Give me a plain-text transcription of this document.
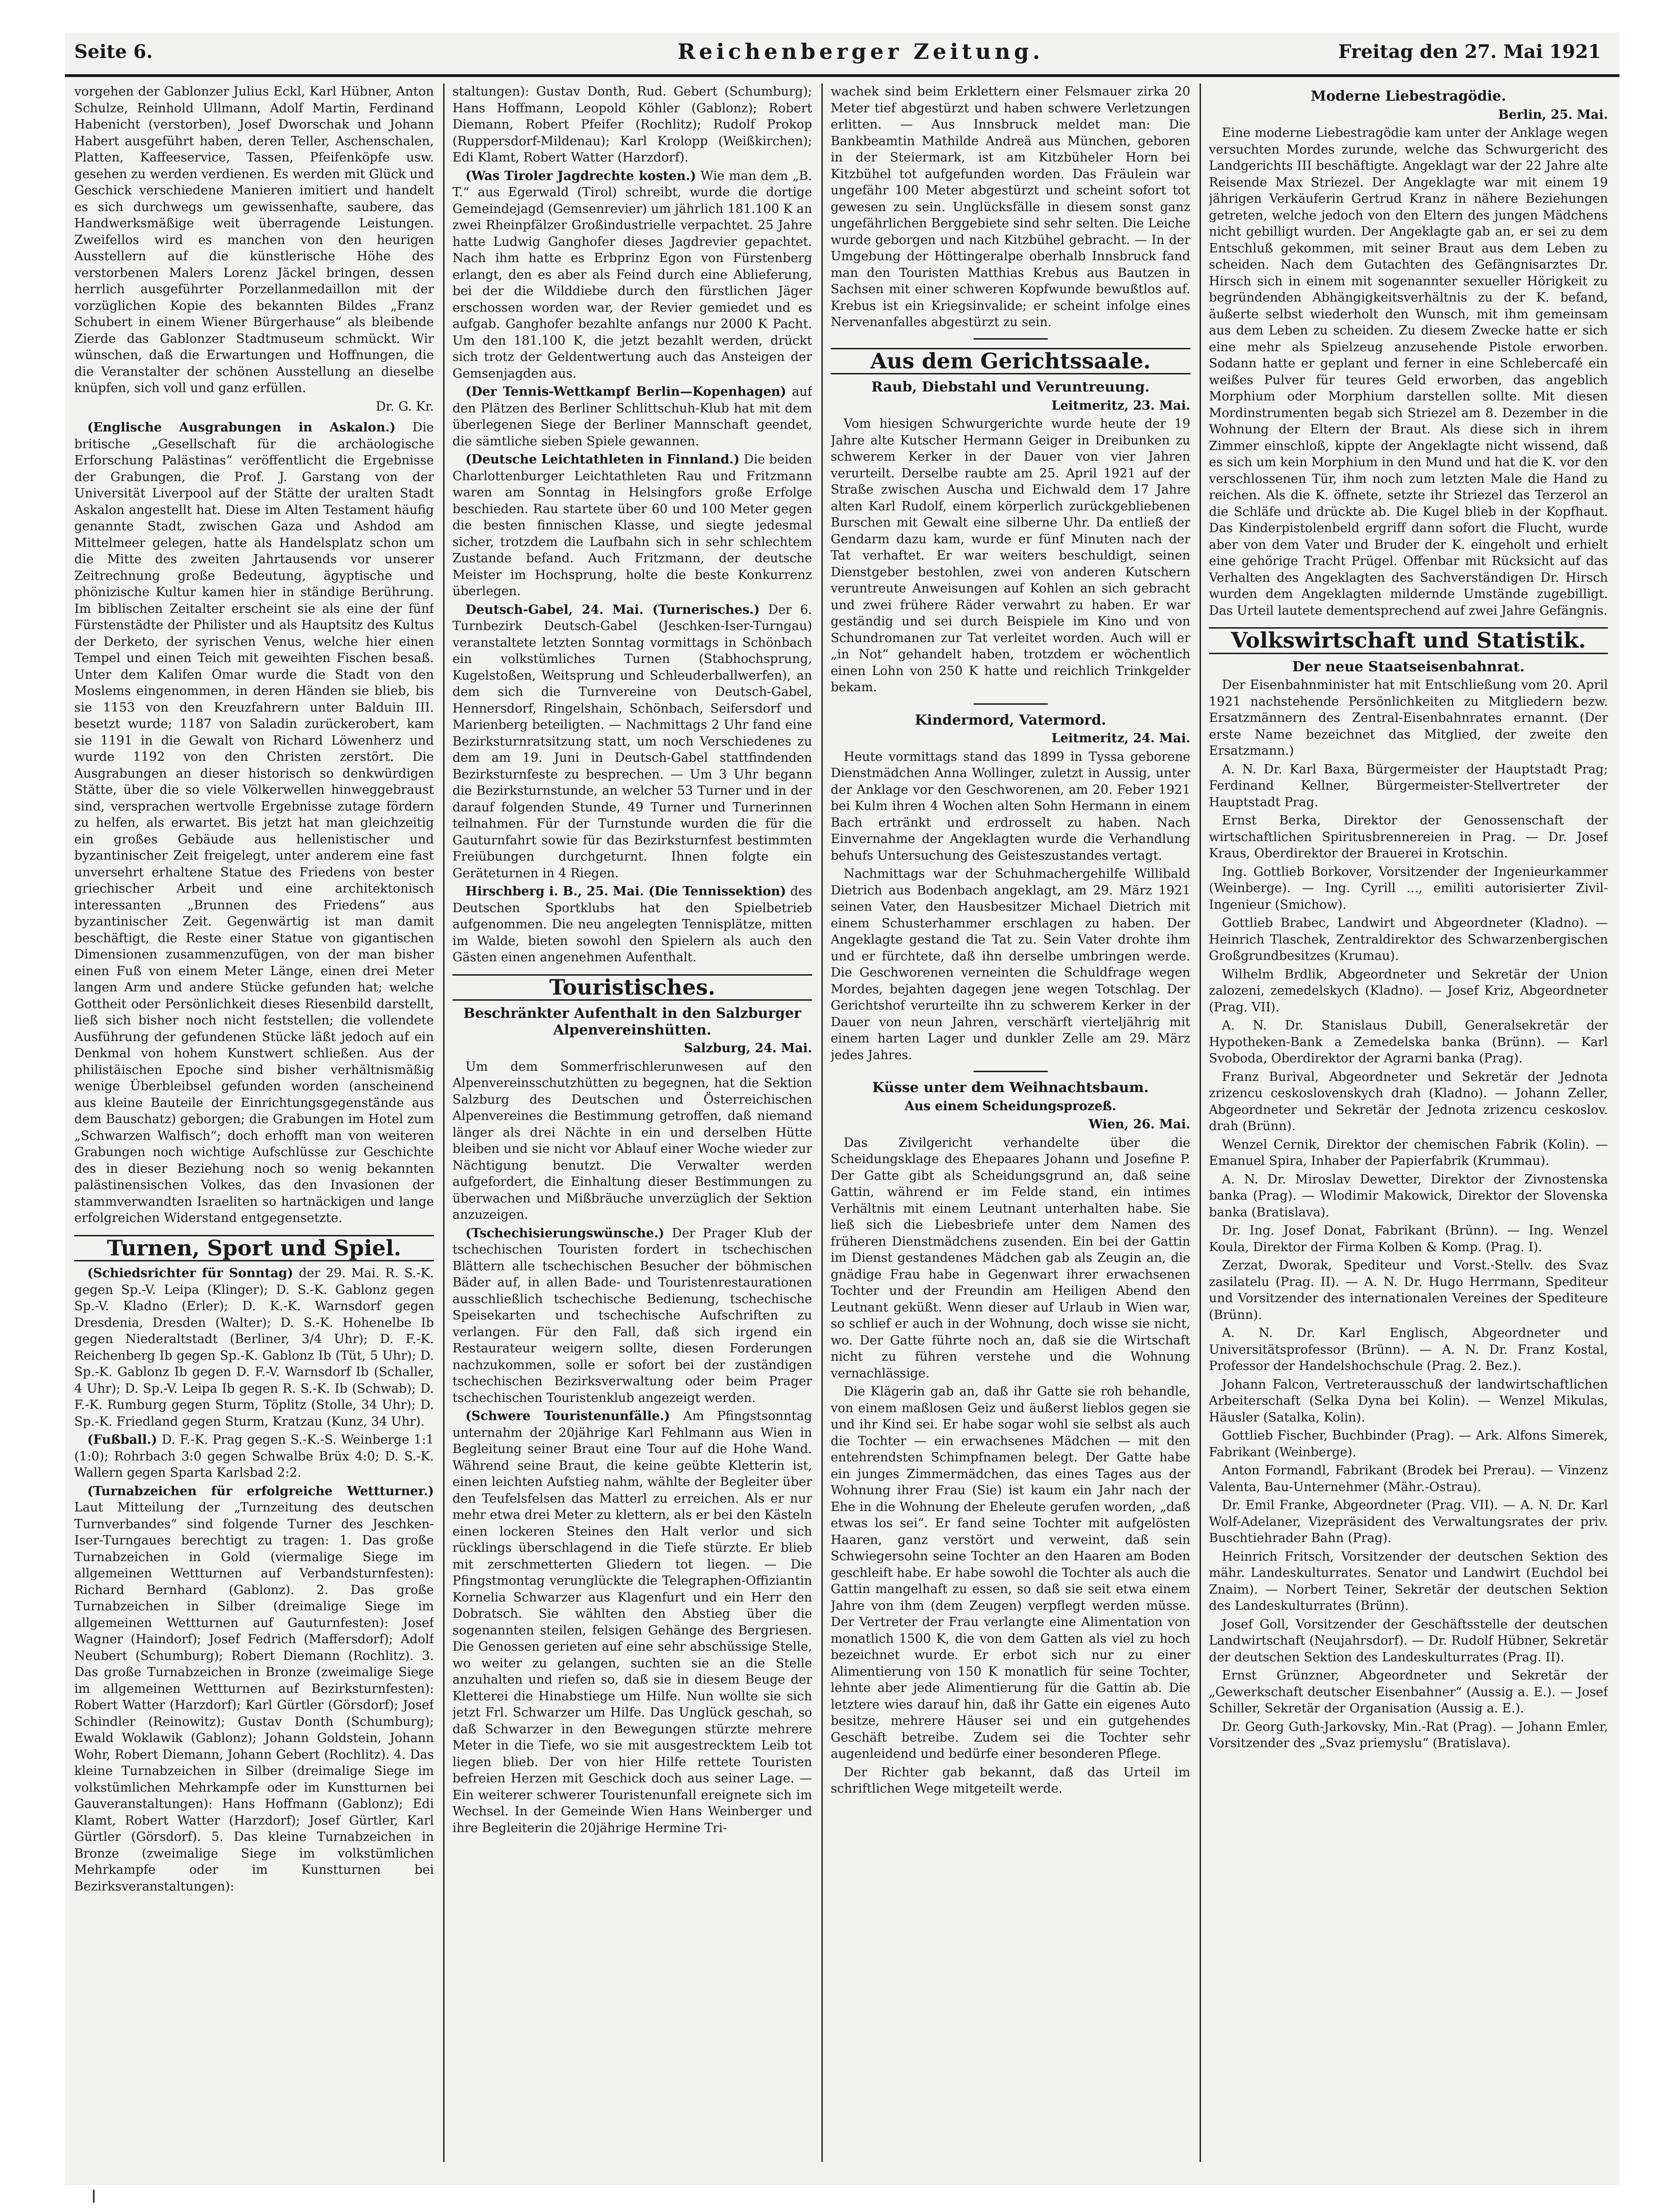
Seite 6.	Reichenberger Zeitung.	Freitag den 27. Mai 1921

vorgehen der Gablonzer Julius Eckl, Karl Hübner, Anton Schulze, Reinhold Ullmann, Adolf Martin, Ferdinand Habenicht (verstorben), Josef Dworschak und Johann Habert ausgeführt haben, deren Teller, Aschenschalen, Platten, Kaffeeservice, Tassen, Pfeifenköpfe usw. gesehen zu werden verdienen. Es werden mit Glück und Geschick verschiedene Manieren imitiert und handelt es sich durchwegs um gewissenhafte, saubere, das Handwerksmäßige weit überragende Leistungen. Zweifellos wird es manchen von den heurigen Ausstellern auf die künstlerische Höhe des verstorbenen Malers Lorenz Jäckel bringen, dessen herrlich ausgeführter Porzellanmedaillon mit der vorzüglichen Kopie des bekannten Bildes „Franz Schubert in einem Wiener Bürgerhause“ als bleibende Zierde das Gablonzer Stadtmuseum schmückt. Wir wünschen, daß die Erwartungen und Hoffnungen, die die Veranstalter der schönen Ausstellung an dieselbe knüpfen, sich voll und ganz erfüllen.

Dr. G. Kr.

(Englische Ausgrabungen in Askalon.) Die britische „Gesellschaft für die archäologische Erforschung Palästinas“ veröffentlicht die Ergebnisse der Grabungen, die Prof. J. Garstang von der Universität Liverpool auf der Stätte der uralten Stadt Askalon angestellt hat. Diese im Alten Testament häufig genannte Stadt, zwischen Gaza und Ashdod am Mittelmeer gelegen, hatte als Handelsplatz schon um die Mitte des zweiten Jahrtausends vor unserer Zeitrechnung große Bedeutung, ägyptische und phönizische Kultur kamen hier in ständige Berührung. Im biblischen Zeitalter erscheint sie als eine der fünf Fürstenstädte der Philister und als Hauptsitz des Kultus der Derketo, der syrischen Venus, welche hier einen Tempel und einen Teich mit geweihten Fischen besaß. Unter dem Kalifen Omar wurde die Stadt von den Moslems eingenommen, in deren Händen sie blieb, bis sie 1153 von den Kreuzfahrern unter Balduin III. besetzt wurde; 1187 von Saladin zurückerobert, kam sie 1191 in die Gewalt von Richard Löwenherz und wurde 1192 von den Christen zerstört. Die Ausgrabungen an dieser historisch so denkwürdigen Stätte, über die so viele Völkerwellen hinweggebraust sind, versprachen wertvolle Ergebnisse zutage fördern zu helfen, als erwartet. Bis jetzt hat man gleichzeitig ein großes Gebäude aus hellenistischer und byzantinischer Zeit freigelegt, unter anderem eine fast unversehrt erhaltene Statue des Friedens von bester griechischer Arbeit und eine architektonisch interessanten „Brunnen des Friedens“ aus byzantinischer Zeit. Gegenwärtig ist man damit beschäftigt, die Reste einer Statue von gigantischen Dimensionen zusammenzufügen, von der man bisher einen Fuß von einem Meter Länge, einen drei Meter langen Arm und andere Stücke gefunden hat; welche Gottheit oder Persönlichkeit dieses Riesenbild darstellt, ließ sich bisher noch nicht feststellen; die vollendete Ausführung der gefundenen Stücke läßt jedoch auf ein Denkmal von hohem Kunstwert schließen. Aus der philistäischen Epoche sind bisher verhältnismäßig wenige Überbleibsel gefunden worden (anscheinend aus kleine Bauteile der Einrichtungsgegenstände aus dem Bauschatz) geborgen; die Grabungen im Hotel zum „Schwarzen Walfisch“; doch erhofft man von weiteren Grabungen noch wichtige Aufschlüsse zur Geschichte des in dieser Beziehung noch so wenig bekannten palästinensischen Volkes, das den Invasionen der stammverwandten Israeliten so hartnäckigen und lange erfolgreichen Widerstand entgegensetzte.

Turnen, Sport und Spiel.

(Schiedsrichter für Sonntag) der 29. Mai. R. S.-K. gegen Sp.-V. Leipa (Klinger); D. S.-K. Gablonz gegen Sp.-V. Kladno (Erler); D. K.-K. Warnsdorf gegen Dresdenia, Dresden (Walter); D. S.-K. Hohenelbe Ib gegen Niederaltstadt (Berliner, 3/4 Uhr); D. F.-K. Reichenberg Ib gegen Sp.-K. Gablonz Ib (Tüt, 5 Uhr); D. Sp.-K. Gablonz Ib gegen D. F.-V. Warnsdorf Ib (Schaller, 4 Uhr); D. Sp.-V. Leipa Ib gegen R. S.-K. Ib (Schwab); D. F.-K. Rumburg gegen Sturm, Töplitz (Stolle, 34 Uhr); D. Sp.-K. Friedland gegen Sturm, Kratzau (Kunz, 34 Uhr).

(Fußball.) D. F.-K. Prag gegen S.-K.-S. Weinberge 1:1 (1:0); Rohrbach 3:0 gegen Schwalbe Brüx 4:0; D. S.-K. Wallern gegen Sparta Karlsbad 2:2.

(Turnabzeichen für erfolgreiche Wettturner.) Laut Mitteilung der „Turnzeitung des deutschen Turnverbandes“ sind folgende Turner des Jeschken-Iser-Turngaues berechtigt zu tragen: 1. Das große Turnabzeichen in Gold (viermalige Siege im allgemeinen Wettturnen auf Verbandsturnfesten): Richard Bernhard (Gablonz). 2. Das große Turnabzeichen in Silber (dreimalige Siege im allgemeinen Wettturnen auf Gauturnfesten): Josef Wagner (Haindorf); Josef Fedrich (Maffersdorf); Adolf Neubert (Schumburg); Robert Diemann (Rochlitz). 3. Das große Turnabzeichen in Bronze (zweimalige Siege im allgemeinen Wettturnen auf Bezirksturnfesten): Robert Watter (Harzdorf); Karl Gürtler (Görsdorf); Josef Schindler (Reinowitz); Gustav Donth (Schumburg); Ewald Woklawik (Gablonz); Johann Goldstein, Johann Wohr, Robert Diemann, Johann Gebert (Rochlitz). 4. Das kleine Turnabzeichen in Silber (dreimalige Siege im volkstümlichen Mehrkampfe oder im Kunstturnen bei Gauveranstaltungen): Hans Hoffmann (Gablonz); Edi Klamt, Robert Watter (Harzdorf); Josef Gürtler, Karl Gürtler (Görsdorf). 5. Das kleine Turnabzeichen in Bronze (zweimalige Siege im volkstümlichen Mehrkampfe oder im Kunstturnen bei Bezirksveranstaltungen):

staltungen): Gustav Donth, Rud. Gebert (Schumburg); Hans Hoffmann, Leopold Köhler (Gablonz); Robert Diemann, Robert Pfeifer (Rochlitz); Rudolf Prokop (Ruppersdorf-Mildenau); Karl Krolopp (Weißkirchen); Edi Klamt, Robert Watter (Harzdorf).

(Was Tiroler Jagdrechte kosten.) Wie man dem „B. T.“ aus Egerwald (Tirol) schreibt, wurde die dortige Gemeindejagd (Gemsenrevier) um jährlich 181.100 K an zwei Rheinpfälzer Großindustrielle verpachtet. 25 Jahre hatte Ludwig Ganghofer dieses Jagdrevier gepachtet. Nach ihm hatte es Erbprinz Egon von Fürstenberg erlangt, den es aber als Feind durch eine Ablieferung, bei der die Wilddiebe durch den fürstlichen Jäger erschossen worden war, der Revier gemiedet und es aufgab. Ganghofer bezahlte anfangs nur 2000 K Pacht. Um den 181.100 K, die jetzt bezahlt werden, drückt sich trotz der Geldentwertung auch das Ansteigen der Gemsenjagden aus.

(Der Tennis-Wettkampf Berlin—Kopenhagen) auf den Plätzen des Berliner Schlittschuh-Klub hat mit dem überlegenen Siege der Berliner Mannschaft geendet, die sämtliche sieben Spiele gewannen.

(Deutsche Leichtathleten in Finnland.) Die beiden Charlottenburger Leichtathleten Rau und Fritzmann waren am Sonntag in Helsingfors große Erfolge beschieden. Rau startete über 60 und 100 Meter gegen die besten finnischen Klasse, und siegte jedesmal sicher, trotzdem die Laufbahn sich in sehr schlechtem Zustande befand. Auch Fritzmann, der deutsche Meister im Hochsprung, holte die beste Konkurrenz überlegen.

Deutsch-Gabel, 24. Mai. (Turnerisches.) Der 6. Turnbezirk Deutsch-Gabel (Jeschken-Iser-Turngau) veranstaltete letzten Sonntag vormittags in Schönbach ein volkstümliches Turnen (Stabhochsprung, Kugelstoßen, Weitsprung und Schleuderballwerfen), an dem sich die Turnvereine von Deutsch-Gabel, Hennersdorf, Ringelshain, Schönbach, Seifersdorf und Marienberg beteiligten. — Nachmittags 2 Uhr fand eine Bezirksturnratsitzung statt, um noch Verschiedenes zu dem am 19. Juni in Deutsch-Gabel stattfindenden Bezirksturnfeste zu besprechen. — Um 3 Uhr begann die Bezirksturnstunde, an welcher 53 Turner und in der darauf folgenden Stunde, 49 Turner und Turnerinnen teilnahmen. Für der Turnstunde wurden die für die Gauturnfahrt sowie für das Bezirksturnfest bestimmten Freiübungen durchgeturnt. Ihnen folgte ein Geräteturnen in 4 Riegen.

Hirschberg i. B., 25. Mai. (Die Tennissektion) des Deutschen Sportklubs hat den Spielbetrieb aufgenommen. Die neu angelegten Tennisplätze, mitten im Walde, bieten sowohl den Spielern als auch den Gästen einen angenehmen Aufenthalt.

Touristisches.
Beschränkter Aufenthalt in den Salzburger Alpenvereinshütten.
Salzburg, 24. Mai.

Um dem Sommerfrischlerunwesen auf den Alpenvereinsschutzhütten zu begegnen, hat die Sektion Salzburg des Deutschen und Österreichischen Alpenvereines die Bestimmung getroffen, daß niemand länger als drei Nächte in ein und derselben Hütte bleiben und sie nicht vor Ablauf einer Woche wieder zur Nächtigung benutzt. Die Verwalter werden aufgefordert, die Einhaltung dieser Bestimmungen zu überwachen und Mißbräuche unverzüglich der Sektion anzuzeigen.

(Tschechisierungswünsche.) Der Prager Klub der tschechischen Touristen fordert in tschechischen Blättern alle tschechischen Besucher der böhmischen Bäder auf, in allen Bade- und Touristenrestaurationen ausschließlich tschechische Bedienung, tschechische Speisekarten und tschechische Aufschriften zu verlangen. Für den Fall, daß sich irgend ein Restaurateur weigern sollte, diesen Forderungen nachzukommen, solle er sofort bei der zuständigen tschechischen Bezirksverwaltung oder beim Prager tschechischen Touristenklub angezeigt werden.

(Schwere Touristenunfälle.) Am Pfingstsonntag unternahm der 20jährige Karl Fehlmann aus Wien in Begleitung seiner Braut eine Tour auf die Hohe Wand. Während seine Braut, die keine geübte Kletterin ist, einen leichten Aufstieg nahm, wählte der Begleiter über den Teufelsfelsen das Matterl zu erreichen. Als er nur mehr etwa drei Meter zu klettern, als er bei den Kästeln einen lockeren Steines den Halt verlor und sich rücklings überschlagend in die Tiefe stürzte. Er blieb mit zerschmetterten Gliedern tot liegen. — Die Pfingstmontag verunglückte die Telegraphen-Offiziantin Kornelia Schwarzer aus Klagenfurt und ein Herr den Dobratsch. Sie wählten den Abstieg über die sogenannten steilen, felsigen Gehänge des Bergriesen. Die Genossen gerieten auf eine sehr abschüssige Stelle, wo weiter zu gelangen, suchten sie an die Stelle anzuhalten und riefen so, daß sie in diesem Beuge der Kletterei die Hinabstiege um Hilfe. Nun wollte sie sich jetzt Frl. Schwarzer um Hilfe. Das Unglück geschah, so daß Schwarzer in den Bewegungen stürzte mehrere Meter in die Tiefe, wo sie mit ausgestrecktem Leib tot liegen blieb. Der von hier Hilfe rettete Touristen befreien Herzen mit Geschick doch aus seiner Lage. — Ein weiterer schwerer Touristenunfall ereignete sich im Wechsel. In der Gemeinde Wien Hans Weinberger und ihre Begleiterin die 20jährige Hermine Tri-

wachek sind beim Erklettern einer Felsmauer zirka 20 Meter tief abgestürzt und haben schwere Verletzungen erlitten. — Aus Innsbruck meldet man: Die Bankbeamtin Mathilde Andreä aus München, geboren in der Steiermark, ist am Kitzbüheler Horn bei Kitzbühel tot aufgefunden worden. Das Fräulein war ungefähr 100 Meter abgestürzt und scheint sofort tot gewesen zu sein. Unglücksfälle in diesem sonst ganz ungefährlichen Berggebiete sind sehr selten. Die Leiche wurde geborgen und nach Kitzbühel gebracht. — In der Umgebung der Höttingeralpe oberhalb Innsbruck fand man den Touristen Matthias Krebus aus Bautzen in Sachsen mit einer schweren Kopfwunde bewußtlos auf. Krebus ist ein Kriegsinvalide; er scheint infolge eines Nervenanfalles abgestürzt zu sein.

Aus dem Gerichtssaale.
Raub, Diebstahl und Veruntreuung.
Leitmeritz, 23. Mai.

Vom hiesigen Schwurgerichte wurde heute der 19 Jahre alte Kutscher Hermann Geiger in Dreibunken zu schwerem Kerker in der Dauer von vier Jahren verurteilt. Derselbe raubte am 25. April 1921 auf der Straße zwischen Auscha und Eichwald dem 17 Jahre alten Karl Rudolf, einem körperlich zurückgebliebenen Burschen mit Gewalt eine silberne Uhr. Da entließ der Gendarm dazu kam, wurde er fünf Minuten nach der Tat verhaftet. Er war weiters beschuldigt, seinen Dienstgeber bestohlen, zwei von anderen Kutschern veruntreute Anweisungen auf Kohlen an sich gebracht und zwei frühere Räder verwahrt zu haben. Er war geständig und sei durch Beispiele im Kino und von Schundromanen zur Tat verleitet worden. Auch will er „in Not“ gehandelt haben, trotzdem er wöchentlich einen Lohn von 250 K hatte und reichlich Trinkgelder bekam.

Kindermord, Vatermord.
Leitmeritz, 24. Mai.

Heute vormittags stand das 1899 in Tyssa geborene Dienstmädchen Anna Wollinger, zuletzt in Aussig, unter der Anklage vor den Geschworenen, am 20. Feber 1921 bei Kulm ihren 4 Wochen alten Sohn Hermann in einem Bach ertränkt und erdrosselt zu haben. Nach Einvernahme der Angeklagten wurde die Verhandlung behufs Untersuchung des Geisteszustandes vertagt.

Nachmittags war der Schuhmachergehilfe Willibald Dietrich aus Bodenbach angeklagt, am 29. März 1921 seinen Vater, den Hausbesitzer Michael Dietrich mit einem Schusterhammer erschlagen zu haben. Der Angeklagte gestand die Tat zu. Sein Vater drohte ihm und er fürchtete, daß ihn derselbe umbringen werde. Die Geschworenen verneinten die Schuldfrage wegen Mordes, bejahten dagegen jene wegen Totschlag. Der Gerichtshof verurteilte ihn zu schwerem Kerker in der Dauer von neun Jahren, verschärft vierteljährig mit einem harten Lager und dunkler Zelle am 29. März jedes Jahres.

Küsse unter dem Weihnachtsbaum.
Aus einem Scheidungsprozeß.
Wien, 26. Mai.

Das Zivilgericht verhandelte über die Scheidungsklage des Ehepaares Johann und Josefine P. Der Gatte gibt als Scheidungsgrund an, daß seine Gattin, während er im Felde stand, ein intimes Verhältnis mit einem Leutnant unterhalten habe. Sie ließ sich die Liebesbriefe unter dem Namen des früheren Dienstmädchens zusenden. Ein bei der Gattin im Dienst gestandenes Mädchen gab als Zeugin an, die gnädige Frau habe in Gegenwart ihrer erwachsenen Tochter und der Freundin am Heiligen Abend den Leutnant geküßt. Wenn dieser auf Urlaub in Wien war, so schlief er auch in der Wohnung, doch wisse sie nicht, wo. Der Gatte führte noch an, daß sie die Wirtschaft nicht zu führen verstehe und die Wohnung vernachlässige.

Die Klägerin gab an, daß ihr Gatte sie roh behandle, von einem maßlosen Geiz und äußerst lieblos gegen sie und ihr Kind sei. Er habe sogar wohl sie selbst als auch die Tochter — ein erwachsenes Mädchen — mit den entehrendsten Schimpfnamen belegt. Der Gatte habe ein junges Zimmermädchen, das eines Tages aus der Wohnung ihrer Frau (Sie) ist kaum ein Jahr nach der Ehe in die Wohnung der Eheleute gerufen worden, „daß etwas los sei“. Er fand seine Tochter mit aufgelösten Haaren, ganz verstört und verweint, daß sein Schwiegersohn seine Tochter an den Haaren am Boden geschleift habe. Er habe sowohl die Tochter als auch die Gattin mangelhaft zu essen, so daß sie seit etwa einem Jahre von ihm (dem Zeugen) verpflegt werden müsse. Der Vertreter der Frau verlangte eine Alimentation von monatlich 1500 K, die von dem Gatten als viel zu hoch bezeichnet wurde. Er erbot sich nur zu einer Alimentierung von 150 K monatlich für seine Tochter, lehnte aber jede Alimentierung für die Gattin ab. Die letztere wies darauf hin, daß ihr Gatte ein eigenes Auto besitze, mehrere Häuser sei und ein gutgehendes Geschäft betreibe. Zudem sei die Tochter sehr augenleidend und bedürfe einer besonderen Pflege.

Der Richter gab bekannt, daß das Urteil im schriftlichen Wege mitgeteilt werde.

Moderne Liebestragödie.
Berlin, 25. Mai.

Eine moderne Liebestragödie kam unter der Anklage wegen versuchten Mordes zurunde, welche das Schwurgericht des Landgerichts III beschäftigte. Angeklagt war der 22 Jahre alte Reisende Max Striezel. Der Angeklagte war mit einem 19 jährigen Verkäuferin Gertrud Kranz in nähere Beziehungen getreten, welche jedoch von den Eltern des jungen Mädchens nicht gebilligt wurden. Der Angeklagte gab an, er sei zu dem Entschluß gekommen, mit seiner Braut aus dem Leben zu scheiden. Nach dem Gutachten des Gefängnisarztes Dr. Hirsch sich in einem mit sogenannter sexueller Hörigkeit zu begründenden Abhängigkeitsverhältnis zu der K. befand, äußerte selbst wiederholt den Wunsch, mit ihm gemeinsam aus dem Leben zu scheiden. Zu diesem Zwecke hatte er sich eine mehr als Spielzeug anzusehende Pistole erworben. Sodann hatte er geplant und ferner in eine Schlebercafé ein weißes Pulver für teures Geld erworben, das angeblich Morphium oder Morphium darstellen sollte. Mit diesen Mordinstrumenten begab sich Striezel am 8. Dezember in die Wohnung der Eltern der Braut. Als diese sich in ihrem Zimmer einschloß, kippte der Angeklagte nicht wissend, daß es sich um kein Morphium in den Mund und hat die K. vor den verschlossenen Tür, ihm noch zum letzten Male die Hand zu reichen. Als die K. öffnete, setzte ihr Striezel das Terzerol an die Schläfe und drückte ab. Die Kugel blieb in der Kopfhaut. Das Kinderpistolenbeld ergriff dann sofort die Flucht, wurde aber von dem Vater und Bruder der K. eingeholt und erhielt eine gehörige Tracht Prügel. Offenbar mit Rücksicht auf das Verhalten des Angeklagten des Sachverständigen Dr. Hirsch wurden dem Angeklagten mildernde Umstände zugebilligt. Das Urteil lautete dementsprechend auf zwei Jahre Gefängnis.

Volkswirtschaft und Statistik.
Der neue Staatseisenbahnrat.

Der Eisenbahnminister hat mit Entschließung vom 20. April 1921 nachstehende Persönlichkeiten zu Mitgliedern bezw. Ersatzmännern des Zentral-Eisenbahnrates ernannt. (Der erste Name bezeichnet das Mitglied, der zweite den Ersatzmann.)

A. N. Dr. Karl Baxa, Bürgermeister der Hauptstadt Prag; Ferdinand Kellner, Bürgermeister-Stellvertreter der Hauptstadt Prag.

Ernst Berka, Direktor der Genossenschaft der wirtschaftlichen Spiritusbrennereien in Prag. — Dr. Josef Kraus, Oberdirektor der Brauerei in Krotschin.

Ing. Gottlieb Borkover, Vorsitzender der Ingenieurkammer (Weinberge). — Ing. Cyrill ..., emiliti autorisierter Zivil-Ingenieur (Smichow).

Gottlieb Brabec, Landwirt und Abgeordneter (Kladno). — Heinrich Tlaschek, Zentraldirektor des Schwarzenbergischen Großgrundbesitzes (Krumau).

Wilhelm Brdlik, Abgeordneter und Sekretär der Union zalozeni, zemedelskych (Kladno). — Josef Kriz, Abgeordneter (Prag. VII).

A. N. Dr. Stanislaus Dubill, Generalsekretär der Hypotheken-Bank a Zemedelska banka (Brünn). — Karl Svoboda, Oberdirektor der Agrarni banka (Prag).

Franz Burival, Abgeordneter und Sekretär der Jednota zrizencu ceskoslovenskych drah (Kladno). — Johann Zeller, Abgeordneter und Sekretär der Jednota zrizencu ceskoslov. drah (Brünn).

Wenzel Cernik, Direktor der chemischen Fabrik (Kolin). — Emanuel Spira, Inhaber der Papierfabrik (Krummau).

A. N. Dr. Miroslav Dewetter, Direktor der Zivnostenska banka (Prag). — Wlodimir Makowick, Direktor der Slovenska banka (Bratislava).

Dr. Ing. Josef Donat, Fabrikant (Brünn). — Ing. Wenzel Koula, Direktor der Firma Kolben & Komp. (Prag. I).

Zerzat, Dworak, Spediteur und Vorst.-Stellv. des Svaz zasilatelu (Prag. II). — A. N. Dr. Hugo Herrmann, Spediteur und Vorsitzender des internationalen Vereines der Spediteure (Brünn).

A. N. Dr. Karl Englisch, Abgeordneter und Universitätsprofessor (Brünn). — A. N. Dr. Franz Kostal, Professor der Handelshochschule (Prag. 2. Bez.).

Johann Falcon, Vertreterausschuß der landwirtschaftlichen Arbeiterschaft (Selka Dyna bei Kolin). — Wenzel Mikulas, Häusler (Satalka, Kolin).

Gottlieb Fischer, Buchbinder (Prag). — Ark. Alfons Simerek, Fabrikant (Weinberge).

Anton Formandl, Fabrikant (Brodek bei Prerau). — Vinzenz Valenta, Bau-Unternehmer (Mähr.-Ostrau).

Dr. Emil Franke, Abgeordneter (Prag. VII). — A. N. Dr. Karl Wolf-Adelaner, Vizepräsident des Verwaltungsrates der priv. Buschtiehrader Bahn (Prag).

Heinrich Fritsch, Vorsitzender der deutschen Sektion des mähr. Landeskulturrates. Senator und Landwirt (Euchdol bei Znaim). — Norbert Teiner, Sekretär der deutschen Sektion des Landeskulturrates (Brünn).

Josef Goll, Vorsitzender der Geschäftsstelle der deutschen Landwirtschaft (Neujahrsdorf). — Dr. Rudolf Hübner, Sekretär der deutschen Sektion des Landeskulturrates (Prag. II).

Ernst Grünzner, Abgeordneter und Sekretär der „Gewerkschaft deutscher Eisenbahner“ (Aussig a. E.). — Josef Schiller, Sekretär der Organisation (Aussig a. E.).

Dr. Georg Guth-Jarkovsky, Min.-Rat (Prag). — Johann Emler, Vorsitzender des „Svaz priemyslu“ (Bratislava).
